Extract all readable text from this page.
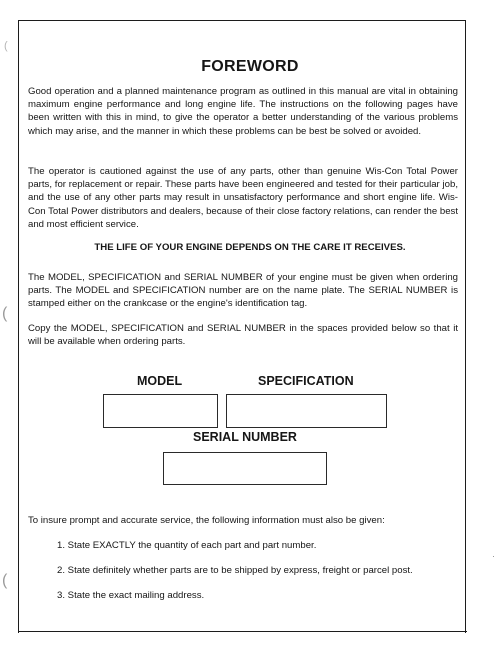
(
(
(
·
FOREWORD
Good operation and a planned maintenance program as outlined in this manual are vital in obtaining maximum engine performance and long engine life. The instructions on the following pages have been written with this in mind, to give the operator a better understanding of the various problems which may arise, and the manner in which these problems can be best be solved or avoided.
The operator is cautioned against the use of any parts, other than genuine Wis-Con Total Power parts, for replacement or repair. These parts have been engineered and tested for their particular job, and the use of any other parts may result in unsatisfactory performance and short engine life. Wis-Con Total Power distributors and dealers, because of their close factory relations, can render the best and most efficient service.
THE LIFE OF YOUR ENGINE DEPENDS ON THE CARE IT RECEIVES.
The MODEL, SPECIFICATION and SERIAL NUMBER of your engine must be given when ordering parts. The MODEL and SPECIFICATION number are on the name plate. The SERIAL NUMBER is stamped either on the crankcase or the engine's identification tag.
Copy the MODEL, SPECIFICATION and SERIAL NUMBER in the spaces provided below so that it will be available when ordering parts.
MODEL	SPECIFICATION
SERIAL NUMBER
To insure prompt and accurate service, the following information must also be given:
1. State EXACTLY the quantity of each part and part number.
2. State definitely whether parts are to be shipped by express, freight or parcel post.
3. State the exact mailing address.
